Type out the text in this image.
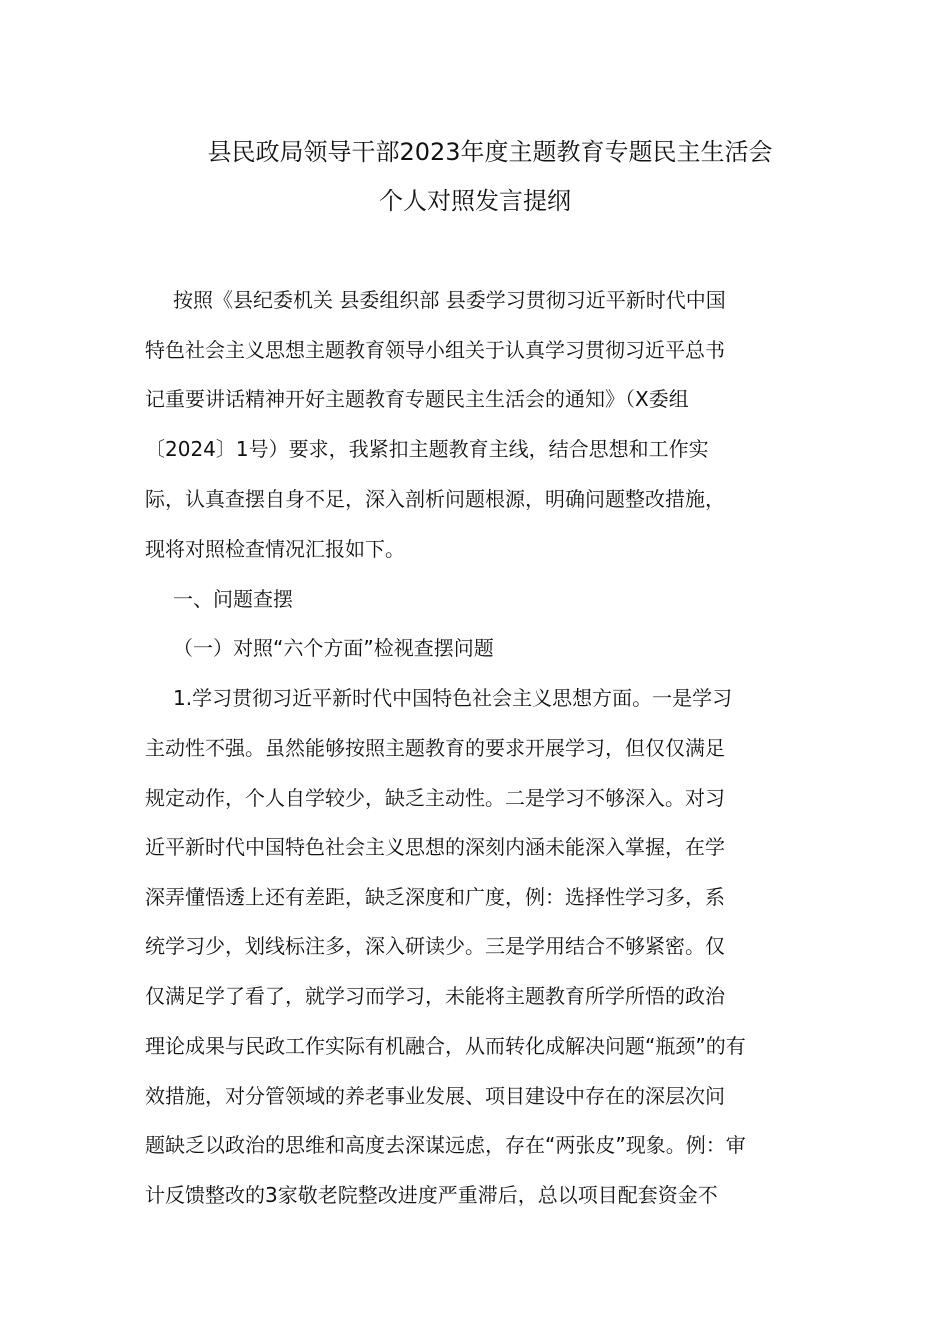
县民政局领导干部2023年度主题教育专题民主生活会
个人对照发言提纲
按照《县纪委机关 县委组织部 县委学习贯彻习近平新时代中国
特色社会主义思想主题教育领导小组关于认真学习贯彻习近平总书
记重要讲话精神开好主题教育专题民主生活会的通知》（X委组
〔2024〕1号）要求，我紧扣主题教育主线，结合思想和工作实
际，认真查摆自身不足，深入剖析问题根源，明确问题整改措施，
现将对照检查情况汇报如下。
一、问题查摆
（一）对照“六个方面”检视查摆问题
1.学习贯彻习近平新时代中国特色社会主义思想方面。一是学习
主动性不强。虽然能够按照主题教育的要求开展学习，但仅仅满足
规定动作，个人自学较少，缺乏主动性。二是学习不够深入。对习
近平新时代中国特色社会主义思想的深刻内涵未能深入掌握，在学
深弄懂悟透上还有差距，缺乏深度和广度，例：选择性学习多，系
统学习少，划线标注多，深入研读少。三是学用结合不够紧密。仅
仅满足学了看了，就学习而学习，未能将主题教育所学所悟的政治
理论成果与民政工作实际有机融合，从而转化成解决问题“瓶颈”的有
效措施，对分管领域的养老事业发展、项目建设中存在的深层次问
题缺乏以政治的思维和高度去深谋远虑，存在“两张皮”现象。例：审
计反馈整改的3家敬老院整改进度严重滞后，总以项目配套资金不
